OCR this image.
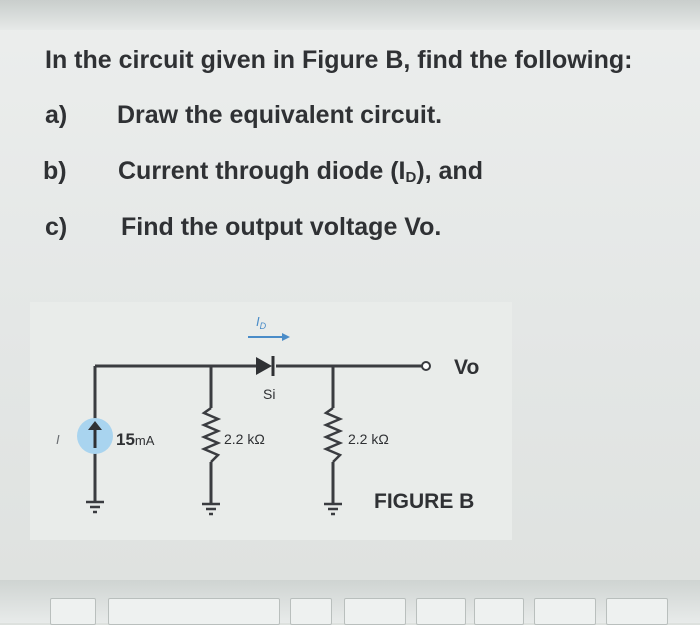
In the circuit given in Figure B, find the following:
a) Draw the equivalent circuit.
b) Current through diode $(I_D)$, and
c) Find the output voltage Vo.
$I_D$
Si
I	15mA	2.2 kΩ	2.2 kΩ
Vo
FIGURE B
